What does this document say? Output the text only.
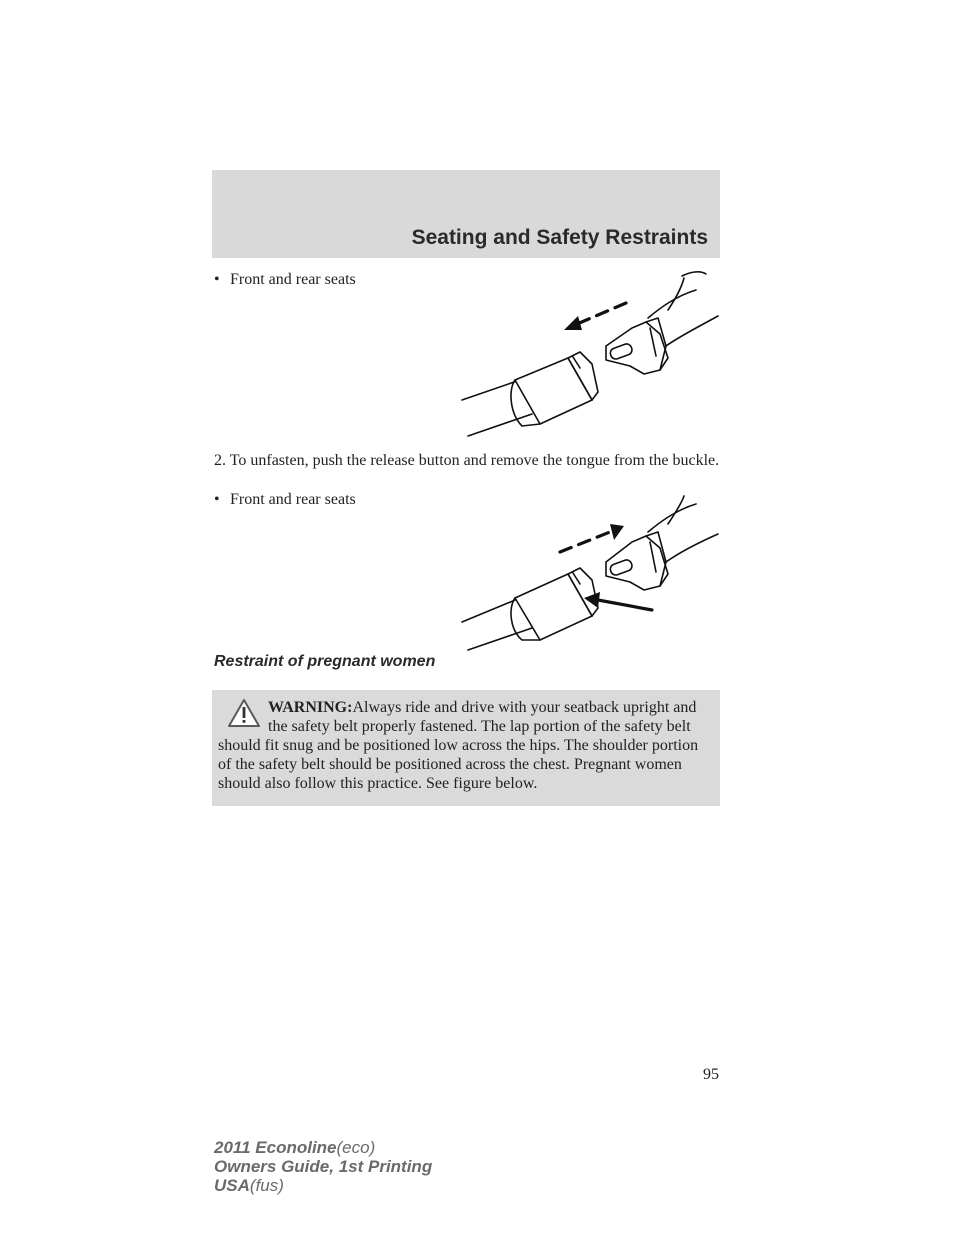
Seating and Safety Restraints
• Front and rear seats
2. To unfasten, push the release button and remove the tongue from the buckle.
• Front and rear seats
Restraint of pregnant women
WARNING:Always ride and drive with your seatback upright and the safety belt properly fastened. The lap portion of the safety belt should fit snug and be positioned low across the hips. The shoulder portion of the safety belt should be positioned across the chest. Pregnant women should also follow this practice. See figure below.
95
2011 Econoline(eco)
Owners Guide, 1st Printing
USA(fus)
